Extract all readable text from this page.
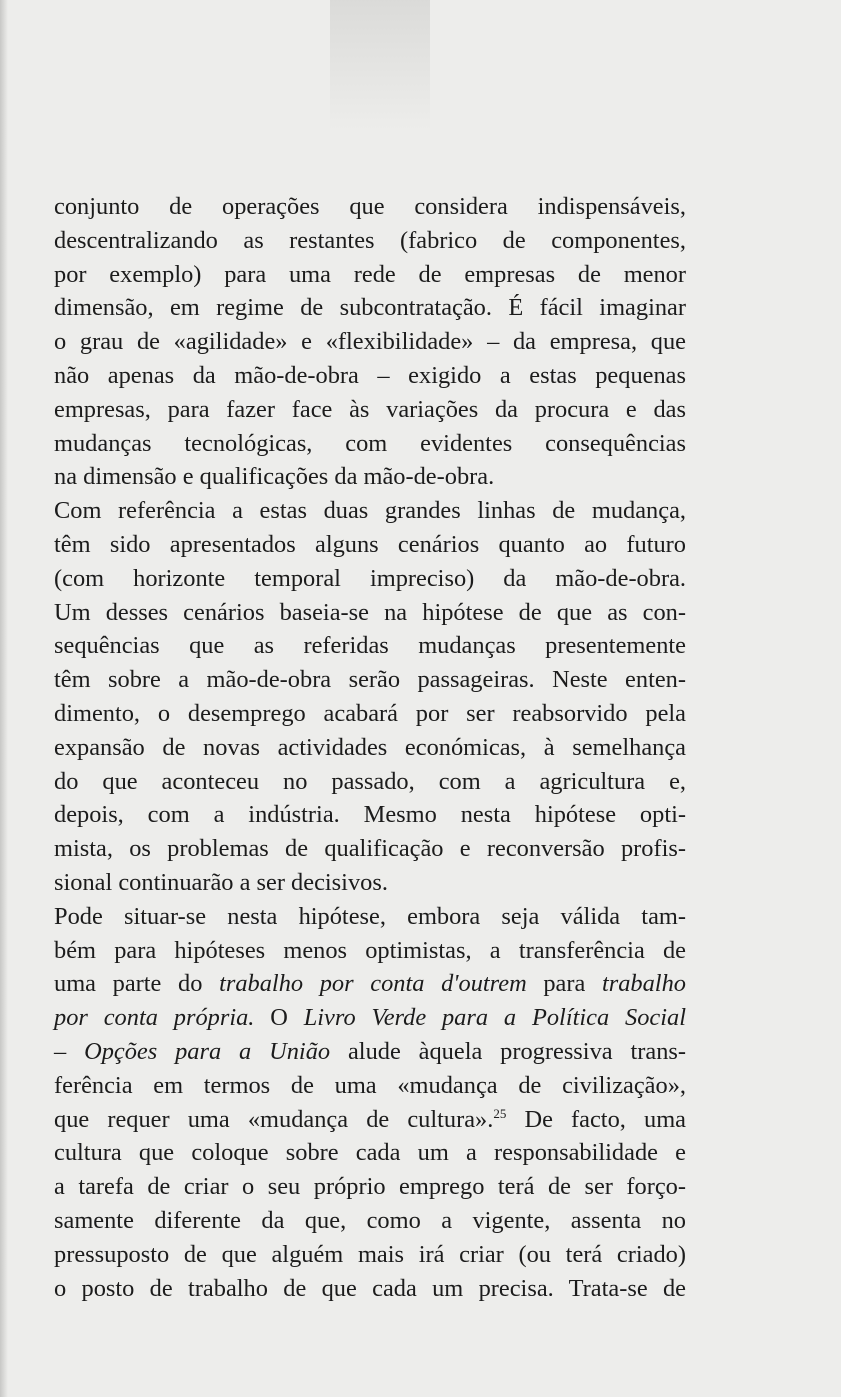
conjunto de operações que considera indispensáveis,
descentralizando as restantes (fabrico de componentes,
por exemplo) para uma rede de empresas de menor
dimensão, em regime de subcontratação. É fácil imaginar
o grau de «agilidade» e «flexibilidade» – da empresa, que
não apenas da mão-de-obra – exigido a estas pequenas
empresas, para fazer face às variações da procura e das
mudanças tecnológicas, com evidentes consequências
na dimensão e qualificações da mão-de-obra.
Com referência a estas duas grandes linhas de mudança,
têm sido apresentados alguns cenários quanto ao futuro
(com horizonte temporal impreciso) da mão-de-obra.
Um desses cenários baseia-se na hipótese de que as con-
sequências que as referidas mudanças presentemente
têm sobre a mão-de-obra serão passageiras. Neste enten-
dimento, o desemprego acabará por ser reabsorvido pela
expansão de novas actividades económicas, à semelhança
do que aconteceu no passado, com a agricultura e,
depois, com a indústria. Mesmo nesta hipótese opti-
mista, os problemas de qualificação e reconversão profis-
sional continuarão a ser decisivos.
Pode situar-se nesta hipótese, embora seja válida tam-
bém para hipóteses menos optimistas, a transferência de
uma parte do trabalho por conta d'outrem para trabalho
por conta própria. O Livro Verde para a Política Social
– Opções para a União alude àquela progressiva trans-
ferência em termos de uma «mudança de civilização»,
que requer uma «mudança de cultura».$^{25}$ De facto, uma
cultura que coloque sobre cada um a responsabilidade e
a tarefa de criar o seu próprio emprego terá de ser forço-
samente diferente da que, como a vigente, assenta no
pressuposto de que alguém mais irá criar (ou terá criado)
o posto de trabalho de que cada um precisa. Trata-se de
